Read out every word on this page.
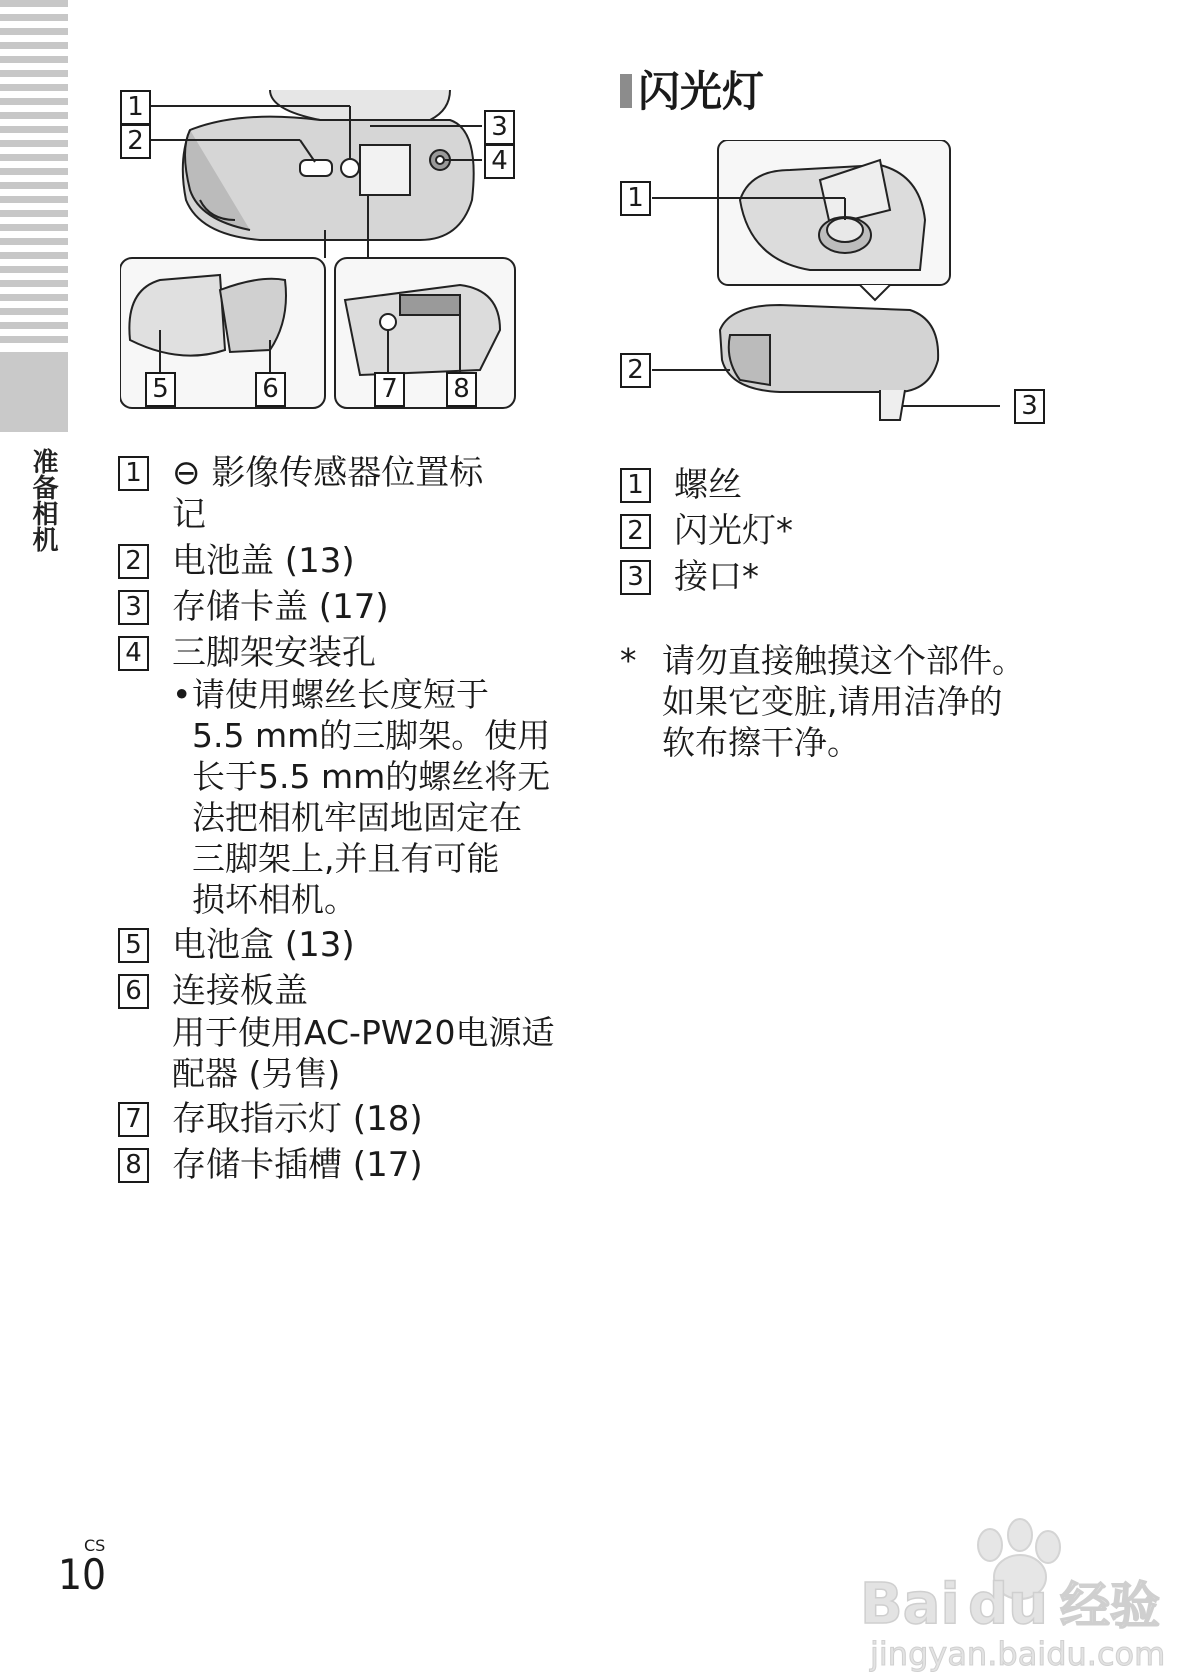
准备相机
1
2	3
4
5	6	7 8
1 ⊖ 影像传感器位置标
记
2 电池盖 (13)
3 存储卡盖 (17)
4 三脚架安装孔
• 请使用螺丝长度短于
5.5 mm的三脚架。使用
长于5.5 mm的螺丝将无
法把相机牢固地固定在
三脚架上,并且有可能
损坏相机。
5 电池盒 (13)
6 连接板盖
用于使用AC-PW20电源适
配器 (另售)
7 存取指示灯 (18)
8 存储卡插槽 (17)
闪光灯
1
2
3
1 螺丝
2 闪光灯*
3 接口*
* 请勿直接触摸这个部件。
如果它变脏,请用洁净的
软布擦干净。
CS
10	Bai du 经验
jingyan.baidu.com
